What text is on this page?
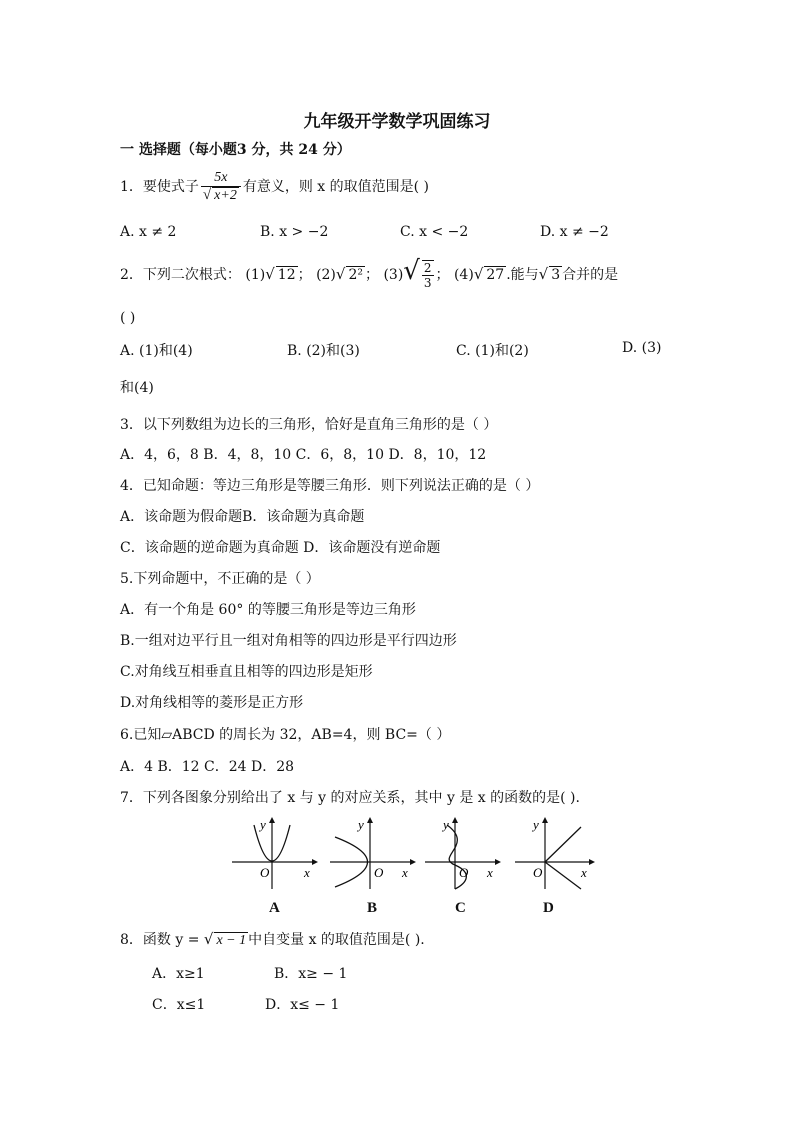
九年级开学数学巩固练习
一 选择题（每小题3 分，共 24 分）
1．要使式子 $\frac{5x}{√ x+2}$ 有意义，则 x 的取值范围是( )
A. x ≠ 2	B. x > −2	C. x < −2	D. x ≠ −2
2．下列二次根式： (1)√ 12 ； (2)√ 2² ； $(3)√ \frac{2}{3}$ ； (4)√ 27 .能与√ 3 合并的是
( )
A. (1)和(4)	B. (2)和(3)	C. (1)和(2)	D. (3)
和(4)
3．以下列数组为边长的三角形，恰好是直角三角形的是（ ）
A．4，6，8 B．4，8，10 C．6，8，10 D．8，10，12
4．已知命题：等边三角形是等腰三角形．则下列说法正确的是（ ）
A．该命题为假命题B．该命题为真命题
C．该命题的逆命题为真命题 D．该命题没有逆命题
5.下列命题中，不正确的是（ ）
A．有一个角是 60° 的等腰三角形是等边三角形
B.一组对边平行且一组对角相等的四边形是平行四边形
C.对角线互相垂直且相等的四边形是矩形
D.对角线相等的菱形是正方形
6.已知▱ABCD 的周长为 32，AB=4，则 BC=（ ）
A．4 B．12 C．24 D．28
7．下列各图象分别给出了 x 与 y 的对应关系，其中 y 是 x 的函数的是( ).
y
O	x
y
O x
y
O x
y
O	x
A	B	C	D
8．函数 y = √ x − 1 中自变量 x 的取值范围是( ).
A．x≥1	B．x≥ − 1
C．x≤1	D．x≤ − 1
